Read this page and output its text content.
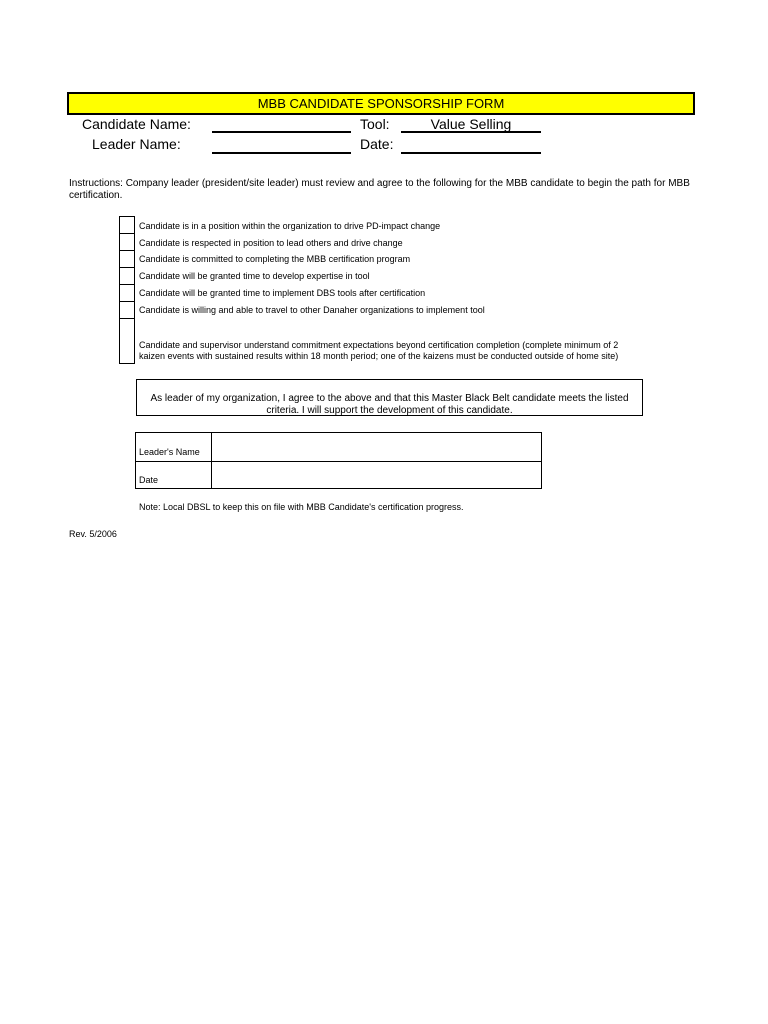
MBB CANDIDATE SPONSORSHIP FORM
Candidate Name:
Leader Name:
Tool:	Value Selling
Date:
Instructions: Company leader (president/site leader) must review and agree to the following for the MBB candidate to begin the path for MBB certification.
Candidate is in a position within the organization to drive PD-impact change
Candidate is respected in position to lead others and drive change
Candidate is committed to completing the MBB certification program
Candidate will be granted time to develop expertise in tool
Candidate will be granted time to implement DBS tools after certification
Candidate is willing and able to travel to other Danaher organizations to implement tool
Candidate and supervisor understand commitment expectations beyond certification completion (complete minimum of 2
kaizen events with sustained results within 18 month period; one of the kaizens must be conducted outside of home site)
As leader of my organization, I agree to the above and that this Master Black Belt candidate meets the listed criteria. I will support the development of this candidate.
Leader's Name
Date
Note: Local DBSL to keep this on file with MBB Candidate's certification progress.
Rev. 5/2006
